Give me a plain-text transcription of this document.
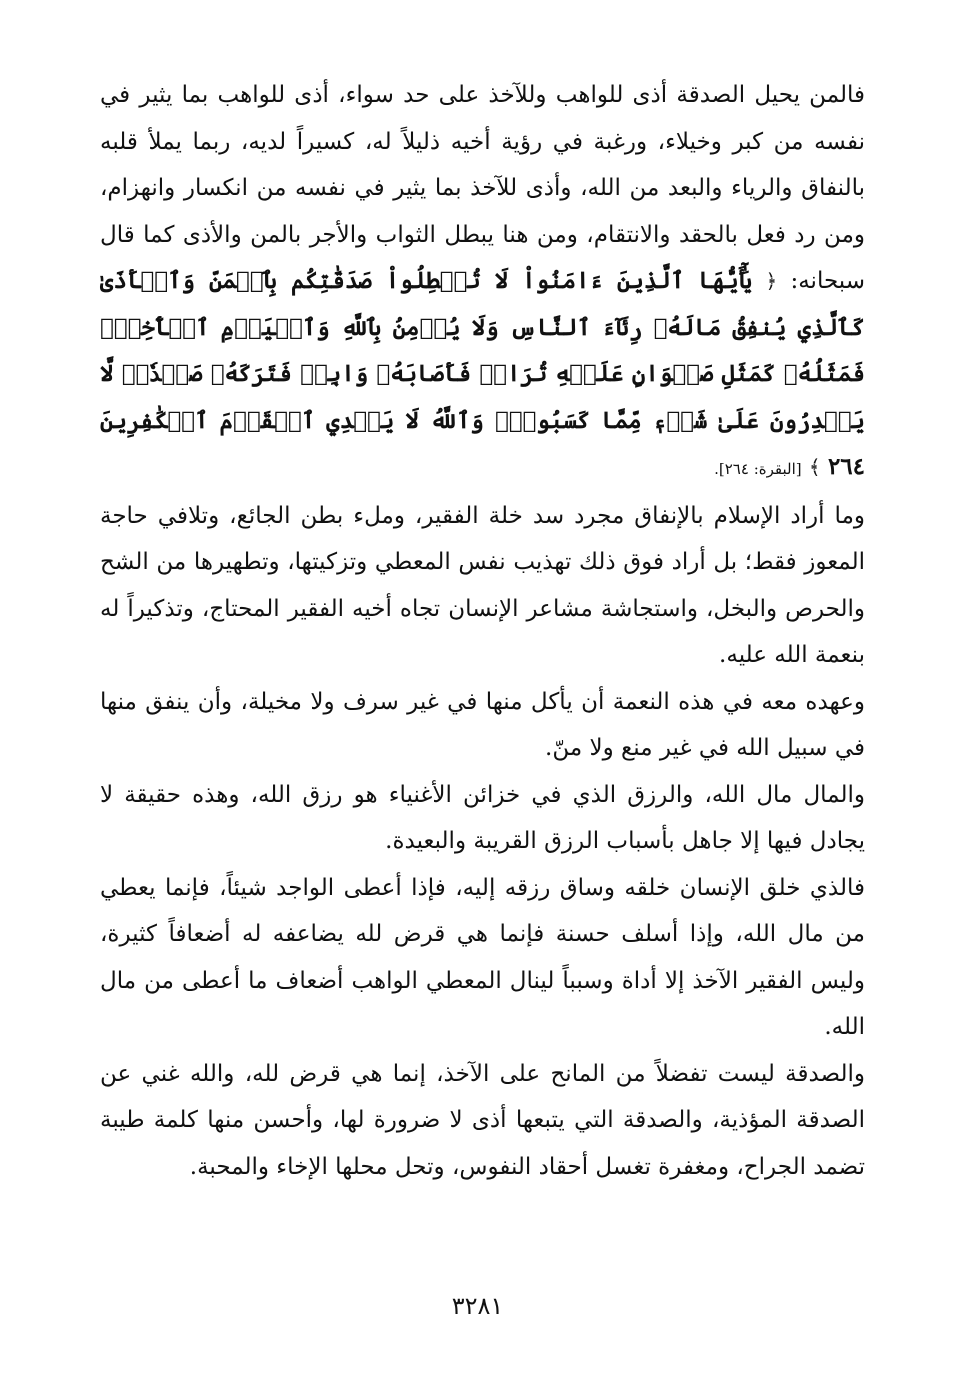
فالمن يحيل الصدقة أذى للواهب وللآخذ على حد سواء، أذى للواهب بما يثير في نفسه من كبر وخيلاء، ورغبة في رؤية أخيه ذليلاً له، كسيراً لديه، ربما يملأ قلبه بالنفاق والرياء والبعد من الله، وأذى للآخذ بما يثير في نفسه من انكسار وانهزام، ومن رد فعل بالحقد والانتقام، ومن هنا يبطل الثواب والأجر بالمن والأذى كما قال سبحانه: ﴿ يَٰٓأَيُّهَا ٱلَّذِينَ ءَامَنُواْ لَا تُبۡطِلُواْ صَدَقَٰتِكُم بِٱلۡمَنِّ وَٱلۡأَذَىٰ كَٱلَّذِي يُنفِقُ مَالَهُۥ رِئَآءَ ٱلنَّاسِ وَلَا يُؤۡمِنُ بِٱللَّهِ وَٱلۡيَوۡمِ ٱلۡأٓخِرِۖ فَمَثَلُهُۥ كَمَثَلِ صَفۡوَانٍ عَلَيۡهِ تُرَابٞ فَأَصَابَهُۥ وَابِلٞ فَتَرَكَهُۥ صَلۡدٗاۖ لَّا يَقۡدِرُونَ عَلَىٰ شَيۡءٖ مِّمَّا كَسَبُواْۗ وَٱللَّهُ لَا يَهۡدِي ٱلۡقَوۡمَ ٱلۡكَٰفِرِينَ ٢٦٤ ﴾ [البقرة: ٢٦٤].

وما أراد الإسلام بالإنفاق مجرد سد خلة الفقير، وملء بطن الجائع، وتلافي حاجة المعوز فقط؛ بل أراد فوق ذلك تهذيب نفس المعطي وتزكيتها، وتطهيرها من الشح والحرص والبخل، واستجاشة مشاعر الإنسان تجاه أخيه الفقير المحتاج، وتذكيراً له بنعمة الله عليه.

وعهده معه في هذه النعمة أن يأكل منها في غير سرف ولا مخيلة، وأن ينفق منها في سبيل الله في غير منع ولا منّ.

والمال مال الله، والرزق الذي في خزائن الأغنياء هو رزق الله، وهذه حقيقة لا يجادل فيها إلا جاهل بأسباب الرزق القريبة والبعيدة.

فالذي خلق الإنسان خلقه وساق رزقه إليه، فإذا أعطى الواجد شيئاً، فإنما يعطي من مال الله، وإذا أسلف حسنة فإنما هي قرض لله يضاعفه له أضعافاً كثيرة، وليس الفقير الآخذ إلا أداة وسبباً لينال المعطي الواهب أضعاف ما أعطى من مال الله.

والصدقة ليست تفضلاً من المانح على الآخذ، إنما هي قرض لله، والله غني عن الصدقة المؤذية، والصدقة التي يتبعها أذى لا ضرورة لها، وأحسن منها كلمة طيبة تضمد الجراح، ومغفرة تغسل أحقاد النفوس، وتحل محلها الإخاء والمحبة.

٣٢٨١
